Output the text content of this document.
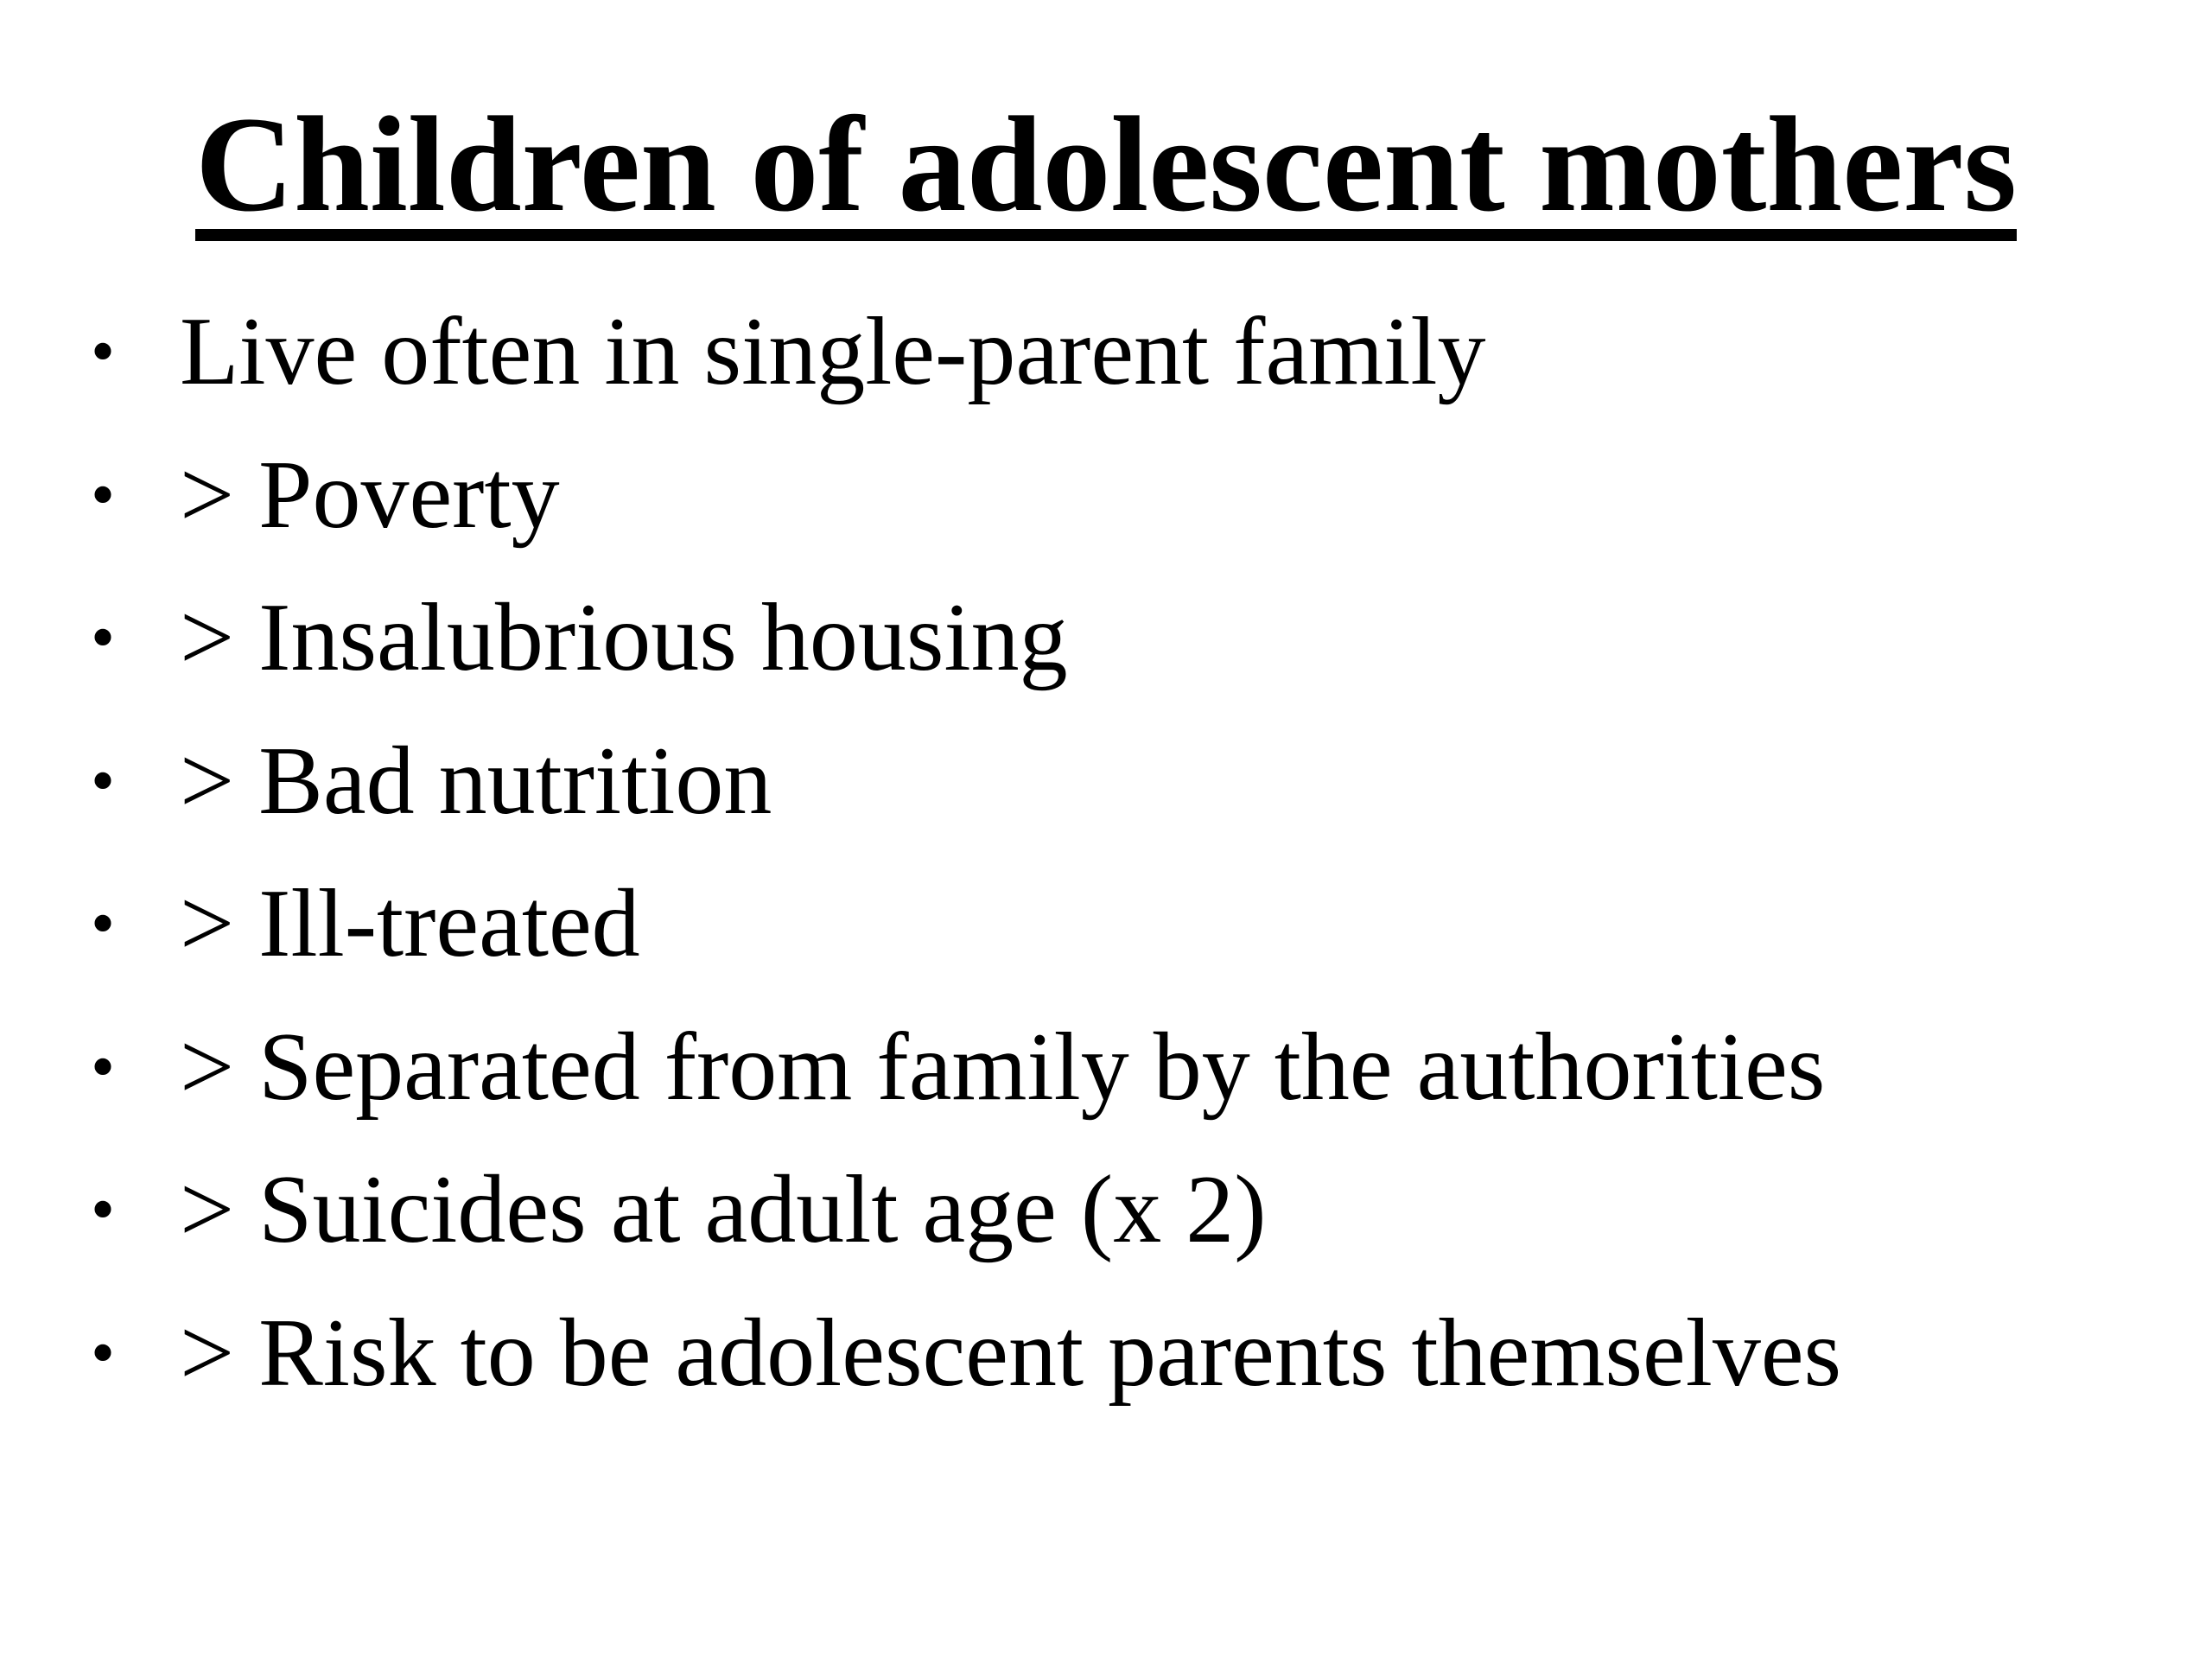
Children of adolescent mothers
• Live often in single-parent family
• > Poverty
• > Insalubrious housing
• > Bad nutrition
• > Ill-treated
• > Separated from family by the authorities
• > Suicides at adult age (x 2)
• > Risk to be adolescent parents themselves
